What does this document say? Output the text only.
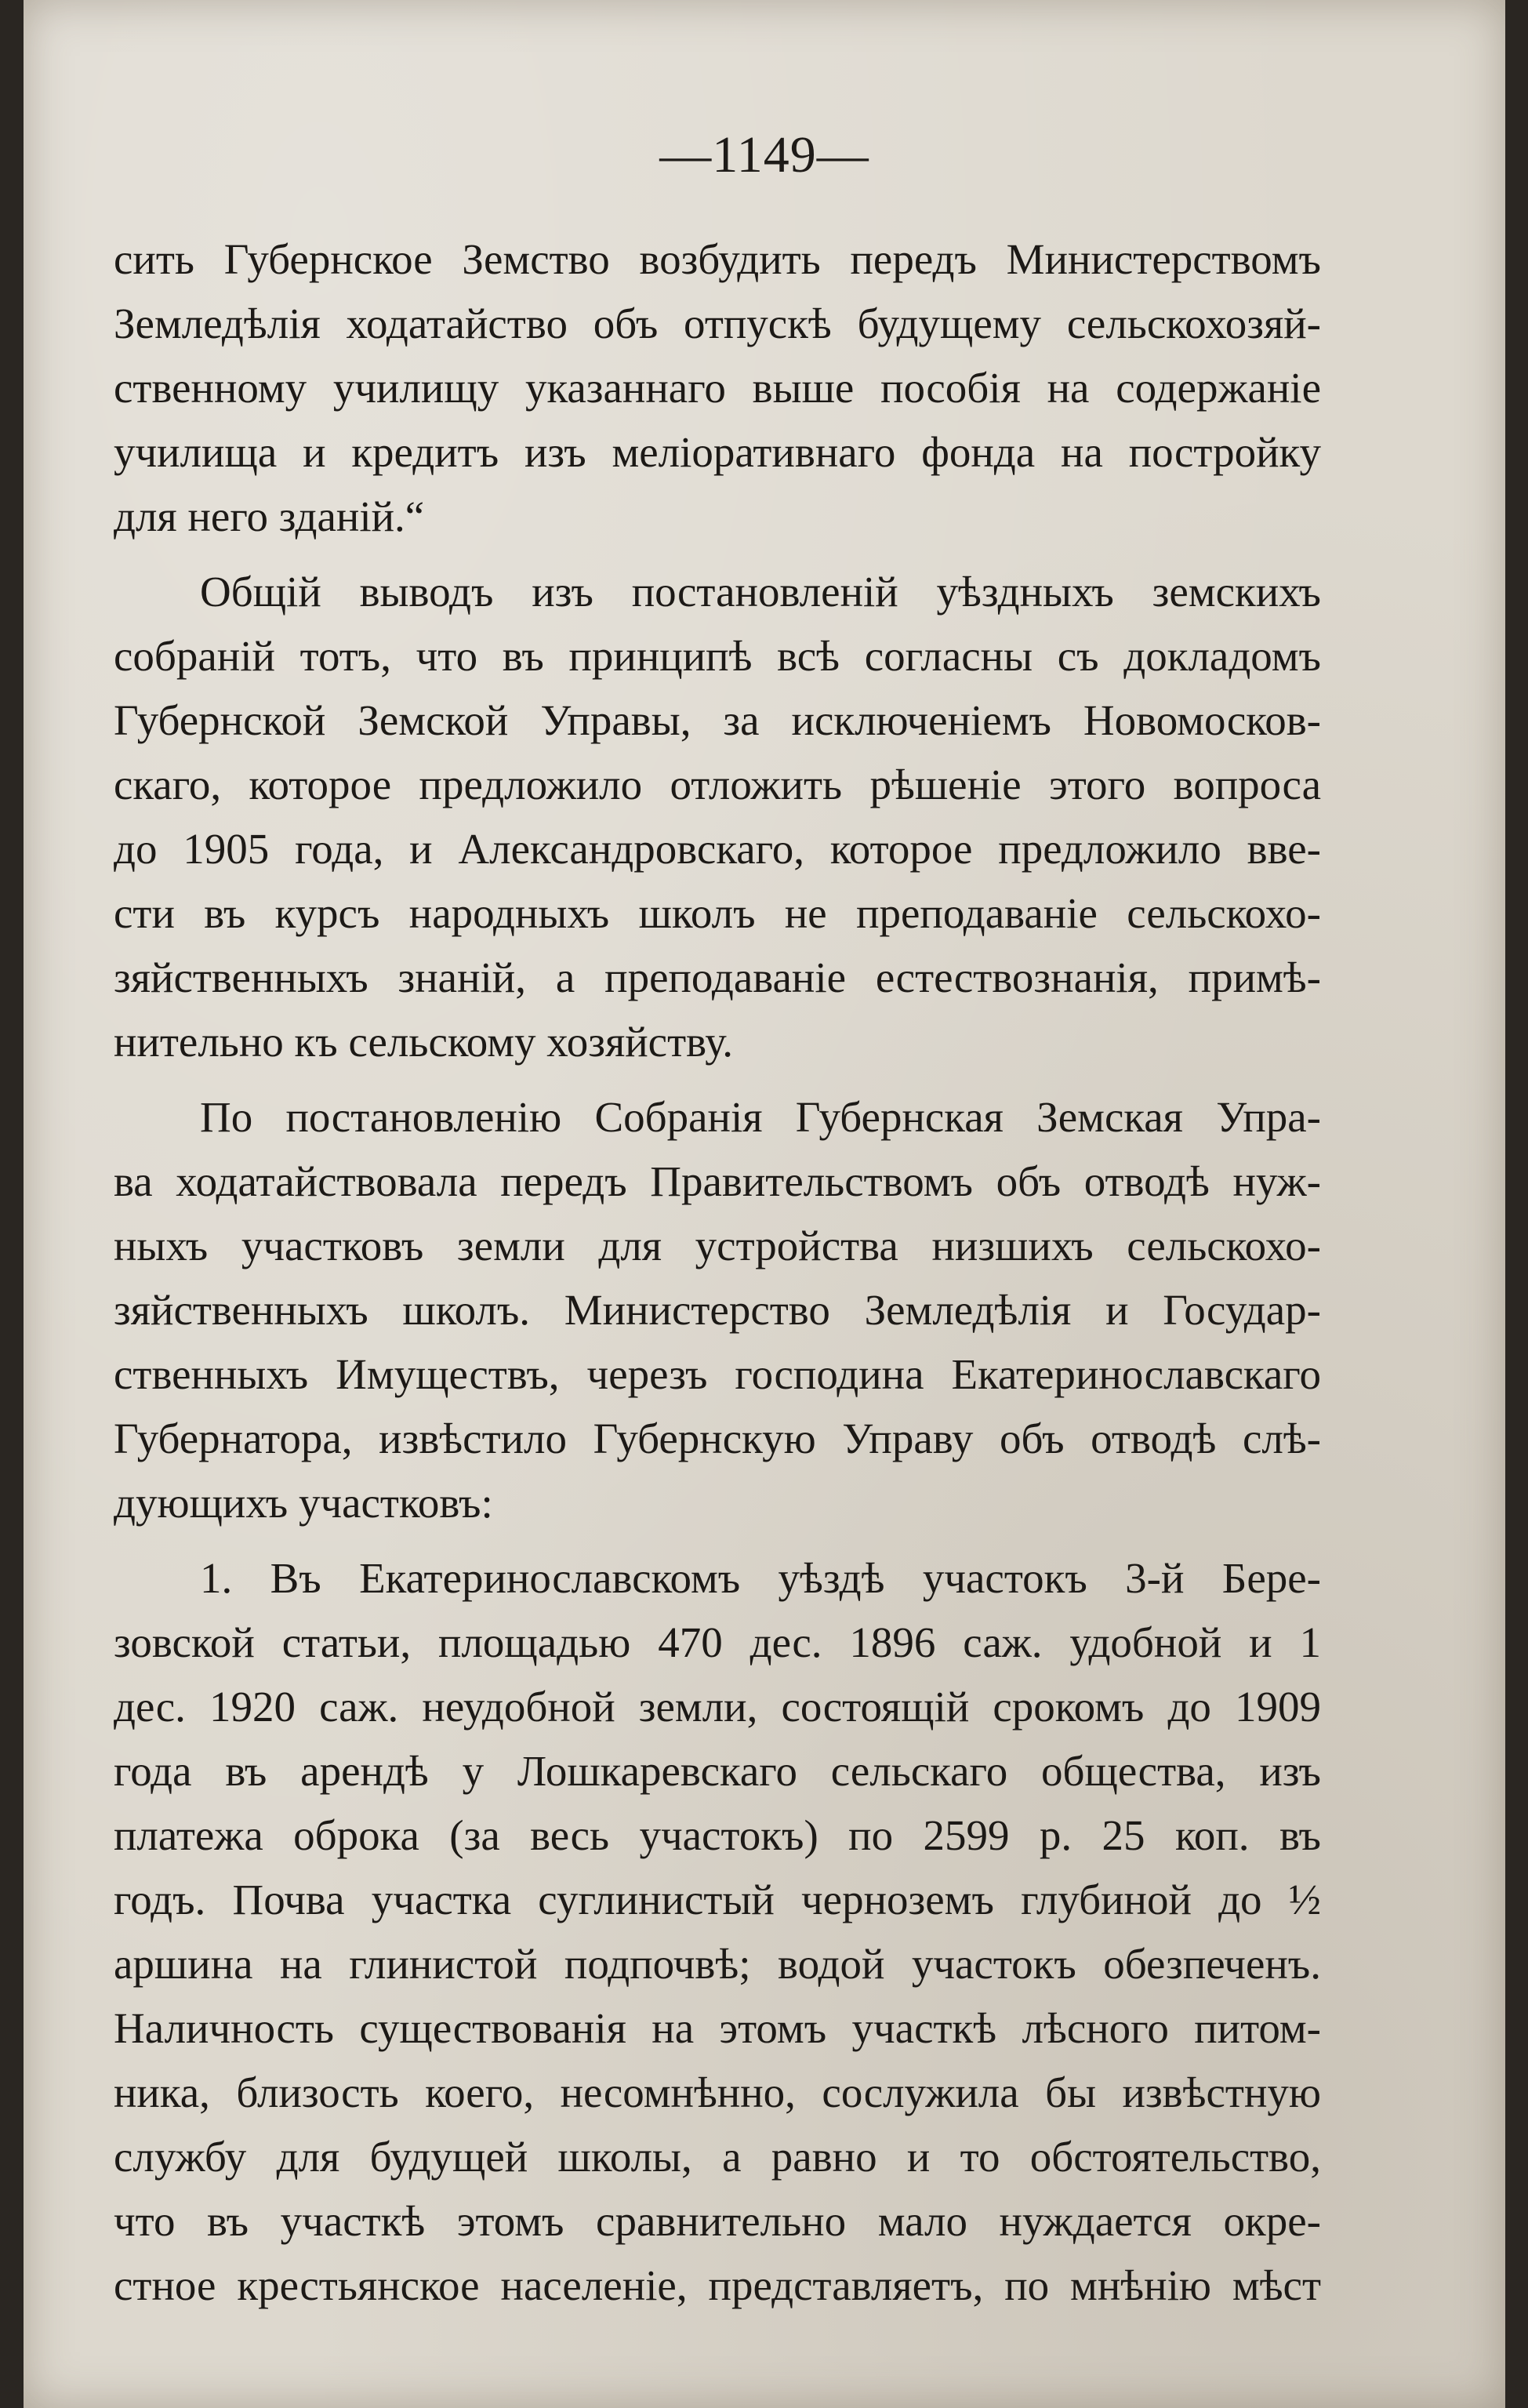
—1149—
сить Губернское Земство возбудить передъ Министерствомъ
Земледѣлія ходатайство объ отпускѣ будущему сельскохозяй-
ственному училищу указаннаго выше пособія на содержаніе
училища и кредитъ изъ меліоративнаго фонда на постройку
для него зданій.“
Общій выводъ изъ постановленій уѣздныхъ земскихъ
собраній тотъ, что въ принципѣ всѣ согласны съ докладомъ
Губернской Земской Управы, за исключеніемъ Новомосков-
скаго, которое предложило отложить рѣшеніе этого вопроса
до 1905 года, и Александровскаго, которое предложило вве-
сти въ курсъ народныхъ школъ не преподаваніе сельскохо-
зяйственныхъ знаній, а преподаваніе естествознанія, примѣ-
нительно къ сельскому хозяйству.
По постановленію Собранія Губернская Земская Упра-
ва ходатайствовала передъ Правительствомъ объ отводѣ нуж-
ныхъ участковъ земли для устройства низшихъ сельскохо-
зяйственныхъ школъ. Министерство Земледѣлія и Государ-
ственныхъ Имуществъ, черезъ господина Екатеринославскаго
Губернатора, извѣстило Губернскую Управу объ отводѣ слѣ-
дующихъ участковъ:
1. Въ Екатеринославскомъ уѣздѣ участокъ 3-й Бере-
зовской статьи, площадью 470 дес. 1896 саж. удобной и 1
дес. 1920 саж. неудобной земли, состоящій срокомъ до 1909
года въ арендѣ у Лошкаревскаго сельскаго общества, изъ
платежа оброка (за весь участокъ) по 2599 р. 25 коп. въ
годъ. Почва участка суглинистый черноземъ глубиной до ½
аршина на глинистой подпочвѣ; водой участокъ обезпеченъ.
Наличность существованія на этомъ участкѣ лѣсного питом-
ника, близость коего, несомнѣнно, сослужила бы извѣстную
службу для будущей школы, а равно и то обстоятельство,
что въ участкѣ этомъ сравнительно мало нуждается окре-
стное крестьянское населеніе, представляетъ, по мнѣнію мѣст
